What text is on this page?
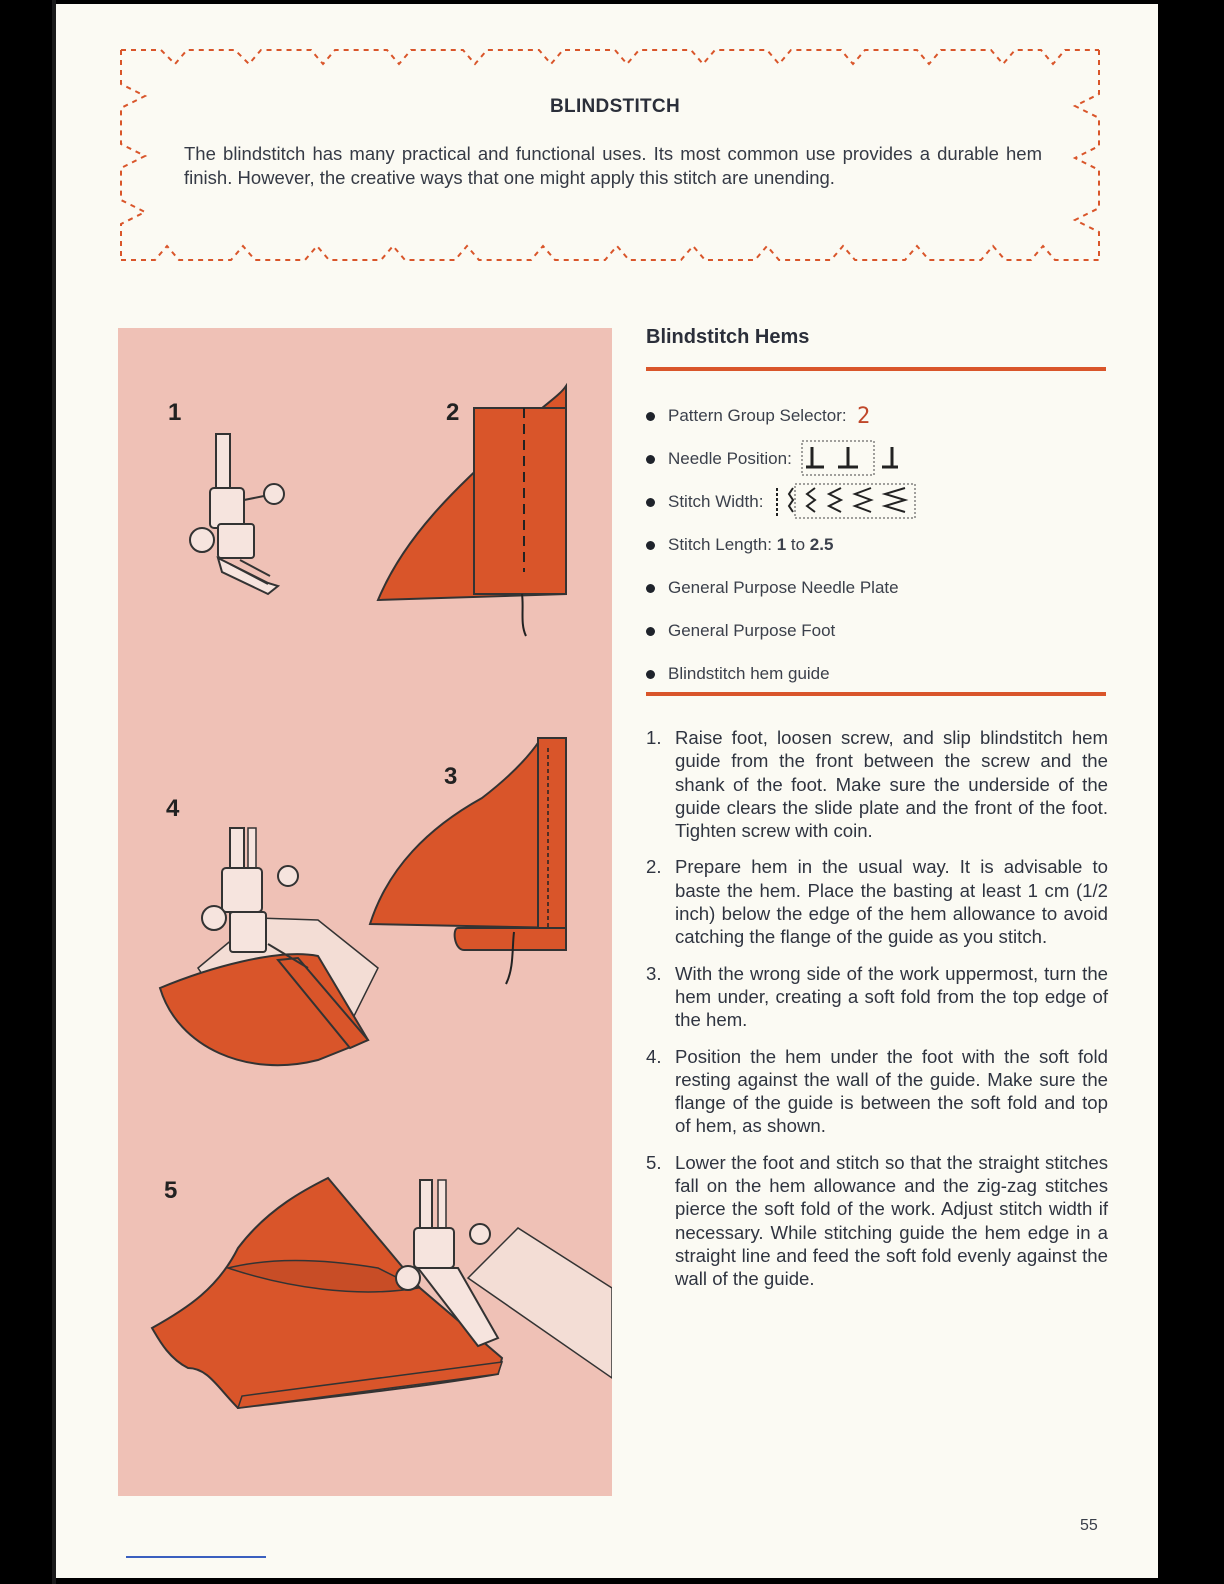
BLINDSTITCH
The blindstitch has many practical and functional uses. Its most common use provides a durable hem finish. However, the creative ways that one might apply this stitch are unending.
1	2
3
4
5
Blindstitch Hems
Pattern Group Selector: 2
Needle Position:
Stitch Width:
Stitch Length: 1 to 2.5
General Purpose Needle Plate
General Purpose Foot
Blindstitch hem guide
1. Raise foot, loosen screw, and slip blindstitch hem guide from the front between the screw and the shank of the foot. Make sure the underside of the guide clears the slide plate and the front of the foot. Tighten screw with coin.
2. Prepare hem in the usual way. It is advisable to baste the hem. Place the basting at least 1 cm (1/2 inch) below the edge of the hem allowance to avoid catching the flange of the guide as you stitch.
3. With the wrong side of the work uppermost, turn the hem under, creating a soft fold from the top edge of the hem.
4. Position the hem under the foot with the soft fold resting against the wall of the guide. Make sure the flange of the guide is between the soft fold and top of hem, as shown.
5. Lower the foot and stitch so that the straight stitches fall on the hem allowance and the zig-zag stitches pierce the soft fold of the work. Adjust stitch width if necessary. While stitching guide the hem edge in a straight line and feed the soft fold evenly against the wall of the guide.
55
